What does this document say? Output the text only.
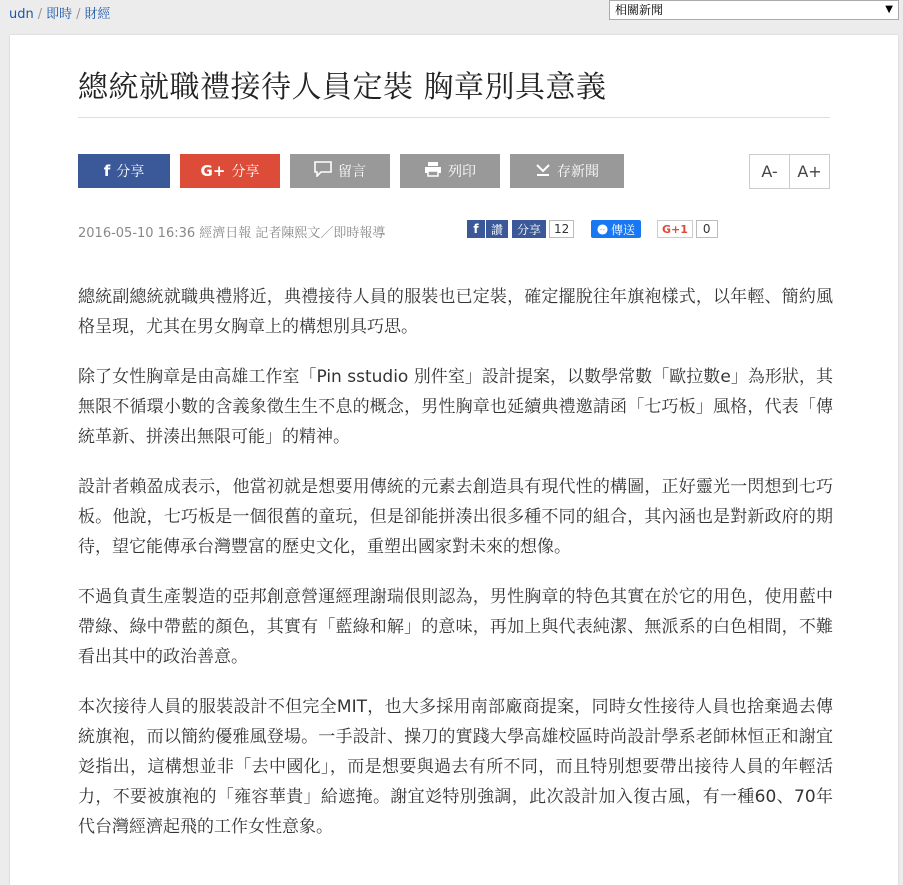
udn / 即時 / 財經	相關新聞	▼
總統就職禮接待人員定裝 胸章別具意義
f 分享	G+ 分享	留言	列印	存新聞	A-	A+
2016-05-10 16:36 經濟日報 記者陳熙文／即時報導	f	讚	分享	12	傳送	G+1	0

總統副總統就職典禮將近，典禮接待人員的服裝也已定裝，確定擺脫往年旗袍樣式，以年輕、簡約風格呈現，尤其在男女胸章上的構想別具巧思。

除了女性胸章是由高雄工作室「Pin sstudio 別件室」設計提案，以數學常數「歐拉數e」為形狀，其無限不循環小數的含義象徵生生不息的概念，男性胸章也延續典禮邀請函「七巧板」風格，代表「傳統革新、拼湊出無限可能」的精神。

設計者賴盈成表示，他當初就是想要用傳統的元素去創造具有現代性的構圖，正好靈光一閃想到七巧板。他說，七巧板是一個很舊的童玩，但是卻能拼湊出很多種不同的組合，其內涵也是對新政府的期待，望它能傳承台灣豐富的歷史文化，重塑出國家對未來的想像。

不過負責生產製造的亞邦創意營運經理謝瑞佷則認為，男性胸章的特色其實在於它的用色，使用藍中帶綠、綠中帶藍的顏色，其實有「藍綠和解」的意味，再加上與代表純潔、無派系的白色相間，不難看出其中的政治善意。

本次接待人員的服裝設計不但完全MIT，也大多採用南部廠商提案，同時女性接待人員也捨棄過去傳統旗袍，而以簡約優雅風登場。一手設計、操刀的實踐大學高雄校區時尚設計學系老師林恒正和謝宜彣指出，這構想並非「去中國化」，而是想要與過去有所不同，而且特別想要帶出接待人員的年輕活力，不要被旗袍的「雍容華貴」給遮掩。謝宜彣特別強調，此次設計加入復古風，有一種60、70年代台灣經濟起飛的工作女性意象。
